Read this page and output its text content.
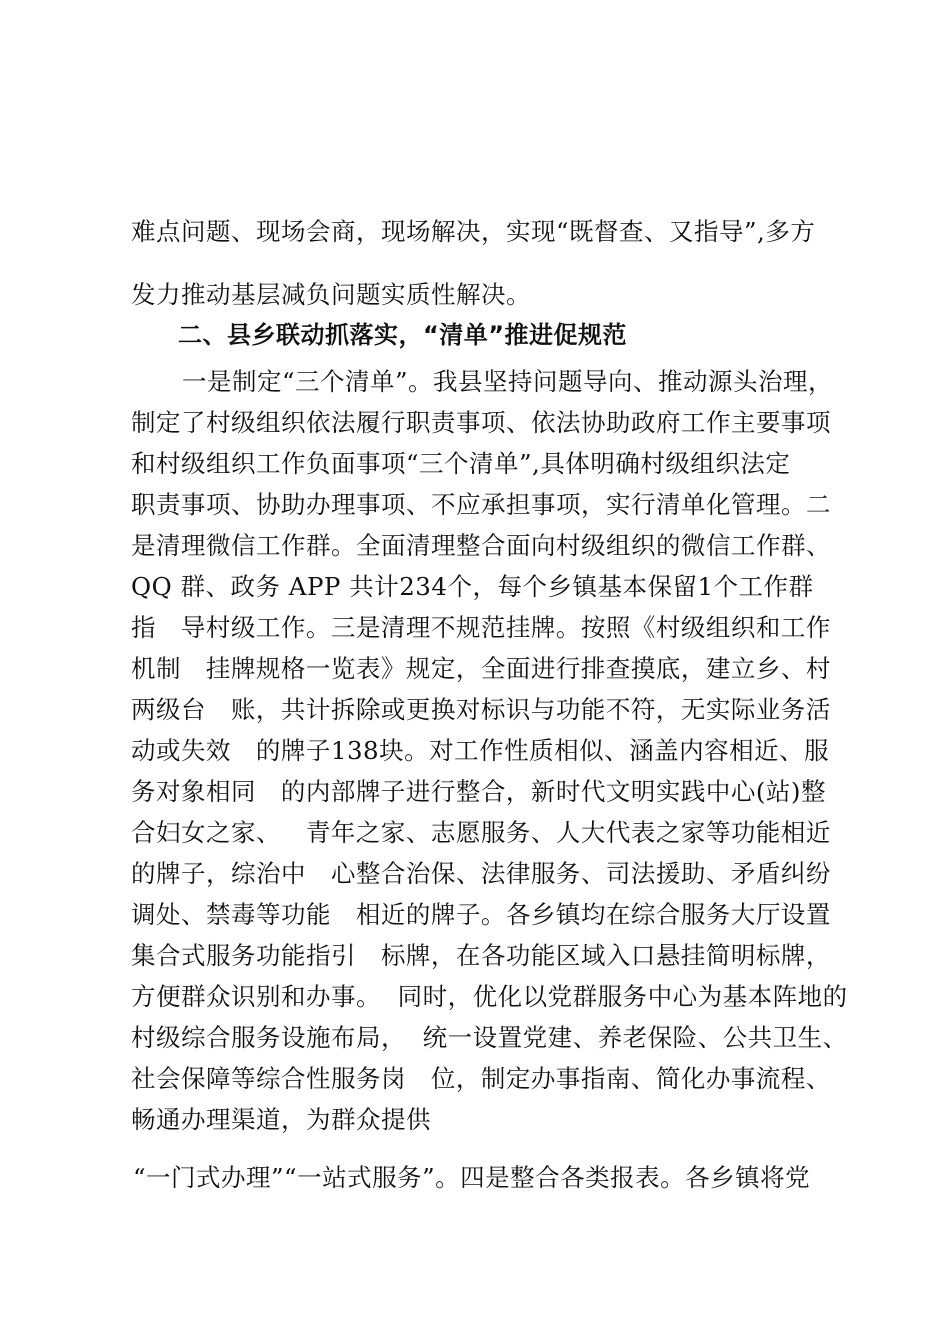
难点问题、现场会商，现场解决，实现“既督查、又指导”,多方
发力推动基层减负问题实质性解决。
二、县乡联动抓落实，“清单”推进促规范
一是制定“三个清单”。我县坚持问题导向、推动源头治理，
制定了村级组织依法履行职责事项、依法协助政府工作主要事项
和村级组织工作负面事项“三个清单”,具体明确村级组织法定
职责事项、协助办理事项、不应承担事项，实行清单化管理。二
是清理微信工作群。全面清理整合面向村级组织的微信工作群、
QQ 群、政务 APP 共计234个，每个乡镇基本保留1个工作群
指   导村级工作。三是清理不规范挂牌。按照《村级组织和工作
机制   挂牌规格一览表》规定，全面进行排查摸底，建立乡、村
两级台   账，共计拆除或更换对标识与功能不符，无实际业务活
动或失效   的牌子138块。对工作性质相似、涵盖内容相近、服
务对象相同   的内部牌子进行整合，新时代文明实践中心(站)整
合妇女之家、   青年之家、志愿服务、人大代表之家等功能相近
的牌子，综治中   心整合治保、法律服务、司法援助、矛盾纠纷
调处、禁毒等功能   相近的牌子。各乡镇均在综合服务大厅设置
集合式服务功能指引   标牌，在各功能区域入口悬挂简明标牌，
方便群众识别和办事。  同时，优化以党群服务中心为基本阵地的
村级综合服务设施布局，  统一设置党建、养老保险、公共卫生、
社会保障等综合性服务岗   位，制定办事指南、简化办事流程、
畅通办理渠道，为群众提供
“一门式办理”“一站式服务”。四是整合各类报表。各乡镇将党
